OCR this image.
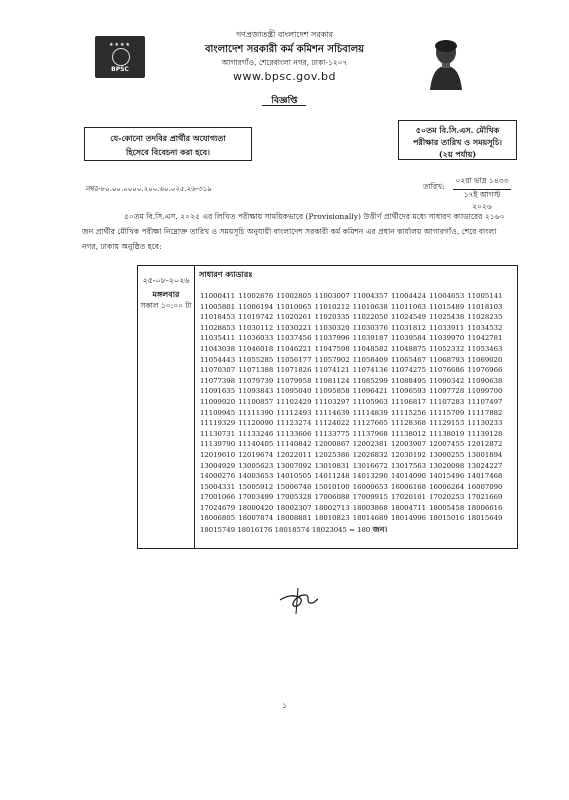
★★★★
BPSC
গণপ্রজাতন্ত্রী বাংলাদেশ সরকার
বাংলাদেশ সরকারী কর্ম কমিশন সচিবালয়
আগারগাঁও, শেরেবাংলা নগর, ঢাকা-১২০৭
www.bpsc.gov.bd
বিজ্ঞপ্তি
যে-কোনো তদবির প্রার্থীর অযোগ্যতা
হিসেবে বিবেচনা করা হবে।
৫০তম বি.সি.এস. মৌখিক
পরীক্ষার তারিখ ও সময়সূচি।
(২য় পর্যায়)
নম্বর-৮০.০০.০০০০.২০০.৬০.০২৫.২৬-৩১৯	তারিখ:
০২রা ভাদ্র ১৪৩৩
১৭ই আগস্ট ২০২৬
৫০তম বি.সি.এস. ২০২৫ এর লিখিত পরীক্ষায় সাময়িকভাবে (Provisionally) উত্তীর্ণ প্রার্থীদের মধ্যে সাধারণ ক্যাডারের ২১৬০ জন প্রার্থীর মৌখিক পরীক্ষা নিম্নোক্ত তারিখ ও সময়সূচি অনুযায়ী বাংলাদেশ সরকারী কর্ম কমিশন এর প্রধান কার্যালয় আগারগাঁও, শেরে বাংলা নগর, ঢাকায় অনুষ্ঠিত হবে:
২৫-০৮-২০২৬
মঙ্গলবার
সকাল ১০:০০ টা
সাধারণ ক্যাডারঃ
11000411 11002676 11002805 11003007 11004357 11004424 11004653 11005141
11005801 11006194 11010065 11010212 11010638 11011063 11015489 11018103
11018453 11019742 11020261 11020335 11022050 11024549 11025438 11028235
11028853 11030112 11030221 11030320 11030376 11031812 11033911 11034532
11035411 11036033 11037456 11037996 11039187 11039584 11039970 11042781
11043038 11046018 11046221 11047598 11048582 11048875 11052332 11053463
11054443 11055285 11056177 11057902 11058409 11065467 11068793 11069020
11070307 11071388 11071826 11074121 11074136 11074275 11076686 11076966
11077398 11079739 11079958 11081124 11085299 11088495 11090342 11090638
11091635 11093843 11095040 11095858 11096421 11096593 11097728 11099700
11099920 11100857 11102429 11103297 11105963 11106817 11107283 11107497
11109945 11111390 11112493 11114639 11114839 11115256 11115709 11117882
11119329 11120090 11123274 11124022 11127665 11128368 11129153 11130233
11130731 11133246 11133606 11133775 11137968 11138012 11138019 11139128
11139790 11140405 11140842 12000867 12002381 12003907 12007455 12012872
12019610 12019674 12022011 12025386 12026832 12030192 13000255 13001894
13004929 13005623 13007092 13010831 13016672 13017563 13020098 13024227
14000276 14003653 14010505 14011248 14013290 14014090 14015496 14017468
15004331 15005912 15006746 15010100 16000653 16006168 16006264 16007090
17001066 17003499 17005328 17006088 17009915 17020101 17020253 17021669
17024679 18000420 18002307 18002713 18003868 18004711 18005458 18006616
18006805 18007874 18008881 18010823 18014689 18014996 18015016 18015649
18015749 18016176 18018574 18023045 = 180 জন।
১
